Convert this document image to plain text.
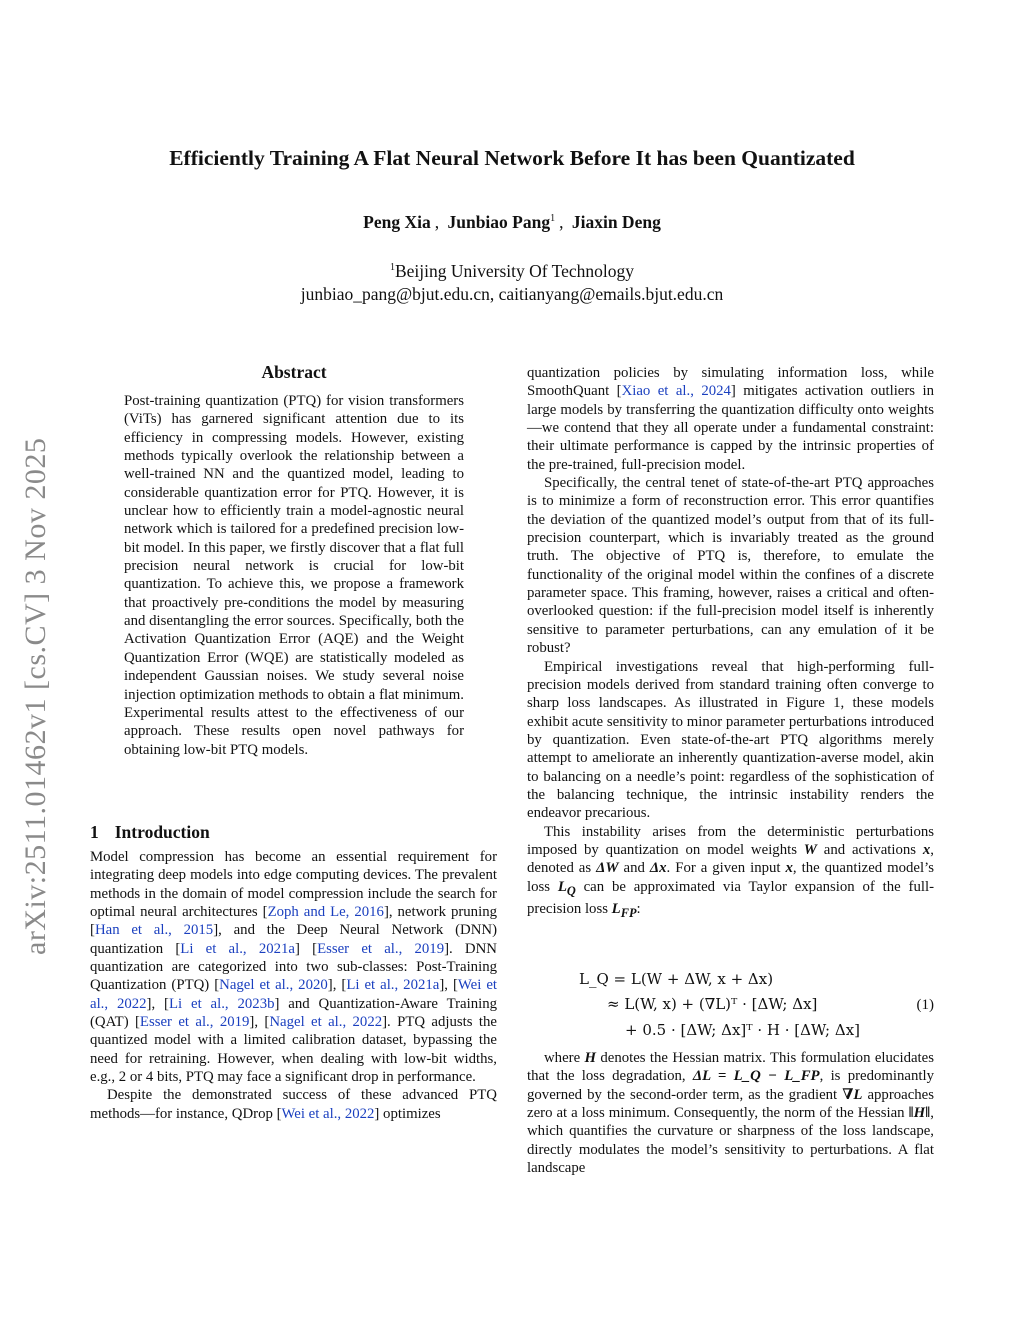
arXiv:2511.01462v1 [cs.CV] 3 Nov 2025
Efficiently Training A Flat Neural Network Before It has been Quantizated
Peng Xia , Junbiao Pang$^1$ , Jiaxin Deng
$^1$Beijing University Of Technology
junbiao_pang@bjut.edu.cn, caitianyang@emails.bjut.edu.cn
Abstract
Post-training quantization (PTQ) for vision transformers (ViTs) has garnered significant attention due to its efficiency in compressing models. However, existing methods typically overlook the relationship between a well-trained NN and the quantized model, leading to considerable quantization error for PTQ. However, it is unclear how to efficiently train a model-agnostic neural network which is tailored for a predefined precision low-bit model. In this paper, we firstly discover that a flat full precision neural network is crucial for low-bit quantization. To achieve this, we propose a framework that proactively pre-conditions the model by measuring and disentangling the error sources. Specifically, both the Activation Quantization Error (AQE) and the Weight Quantization Error (WQE) are statistically modeled as independent Gaussian noises. We study several noise injection optimization methods to obtain a flat minimum. Experimental results attest to the effectiveness of our approach. These results open novel pathways for obtaining low-bit PTQ models.
1 Introduction

Model compression has become an essential requirement for integrating deep models into edge computing devices. The prevalent methods in the domain of model compression include the search for optimal neural architectures [Zoph and Le, 2016], network pruning [Han et al., 2015], and the Deep Neural Network (DNN) quantization [Li et al., 2021a] [Esser et al., 2019]. DNN quantization are categorized into two sub-classes: Post-Training Quantization (PTQ) [Nagel et al., 2020], [Li et al., 2021a], [Wei et al., 2022], [Li et al., 2023b] and Quantization-Aware Training (QAT) [Esser et al., 2019], [Nagel et al., 2022]. PTQ adjusts the quantized model with a limited calibration dataset, bypassing the need for retraining. However, when dealing with low-bit widths, e.g., 2 or 4 bits, PTQ may face a significant drop in performance.

Despite the demonstrated success of these advanced PTQ methods—for instance, QDrop [Wei et al., 2022] optimizes

quantization policies by simulating information loss, while SmoothQuant [Xiao et al., 2024] mitigates activation outliers in large models by transferring the quantization difficulty onto weights—we contend that they all operate under a fundamental constraint: their ultimate performance is capped by the intrinsic properties of the pre-trained, full-precision model.

Specifically, the central tenet of state-of-the-art PTQ approaches is to minimize a form of reconstruction error. This error quantifies the deviation of the quantized model’s output from that of its full-precision counterpart, which is invariably treated as the ground truth. The objective of PTQ is, therefore, to emulate the functionality of the original model within the confines of a discrete parameter space. This framing, however, raises a critical and often-overlooked question: if the full-precision model itself is inherently sensitive to parameter perturbations, can any emulation of it be robust?

Empirical investigations reveal that high-performing full-precision models derived from standard training often converge to sharp loss landscapes. As illustrated in Figure 1, these models exhibit acute sensitivity to minor parameter perturbations introduced by quantization. Even state-of-the-art PTQ algorithms merely attempt to ameliorate an inherently quantization-averse model, akin to balancing on a needle’s point: regardless of the sophistication of the balancing technique, the intrinsic instability renders the endeavor precarious.

This instability arises from the deterministic perturbations imposed by quantization on model weights W and activations x, denoted as ΔW and Δx. For a given input x, the quantized model’s loss $L_Q$ can be approximated via Taylor expansion of the full-precision loss $L_{FP}$:

L_Q = L(W + ΔW, x + Δx)
≈ L(W, x) + (∇L)ᵀ · [ΔW; Δx]
+ 0.5 · [ΔW; Δx]ᵀ · H · [ΔW; Δx]
(1)

where H denotes the Hessian matrix. This formulation elucidates that the loss degradation, ΔL = L_Q − L_FP, is predominantly governed by the second-order term, as the gradient ∇L approaches zero at a loss minimum. Consequently, the norm of the Hessian ‖H‖, which quantifies the curvature or sharpness of the loss landscape, directly modulates the model’s sensitivity to perturbations. A flat landscape
